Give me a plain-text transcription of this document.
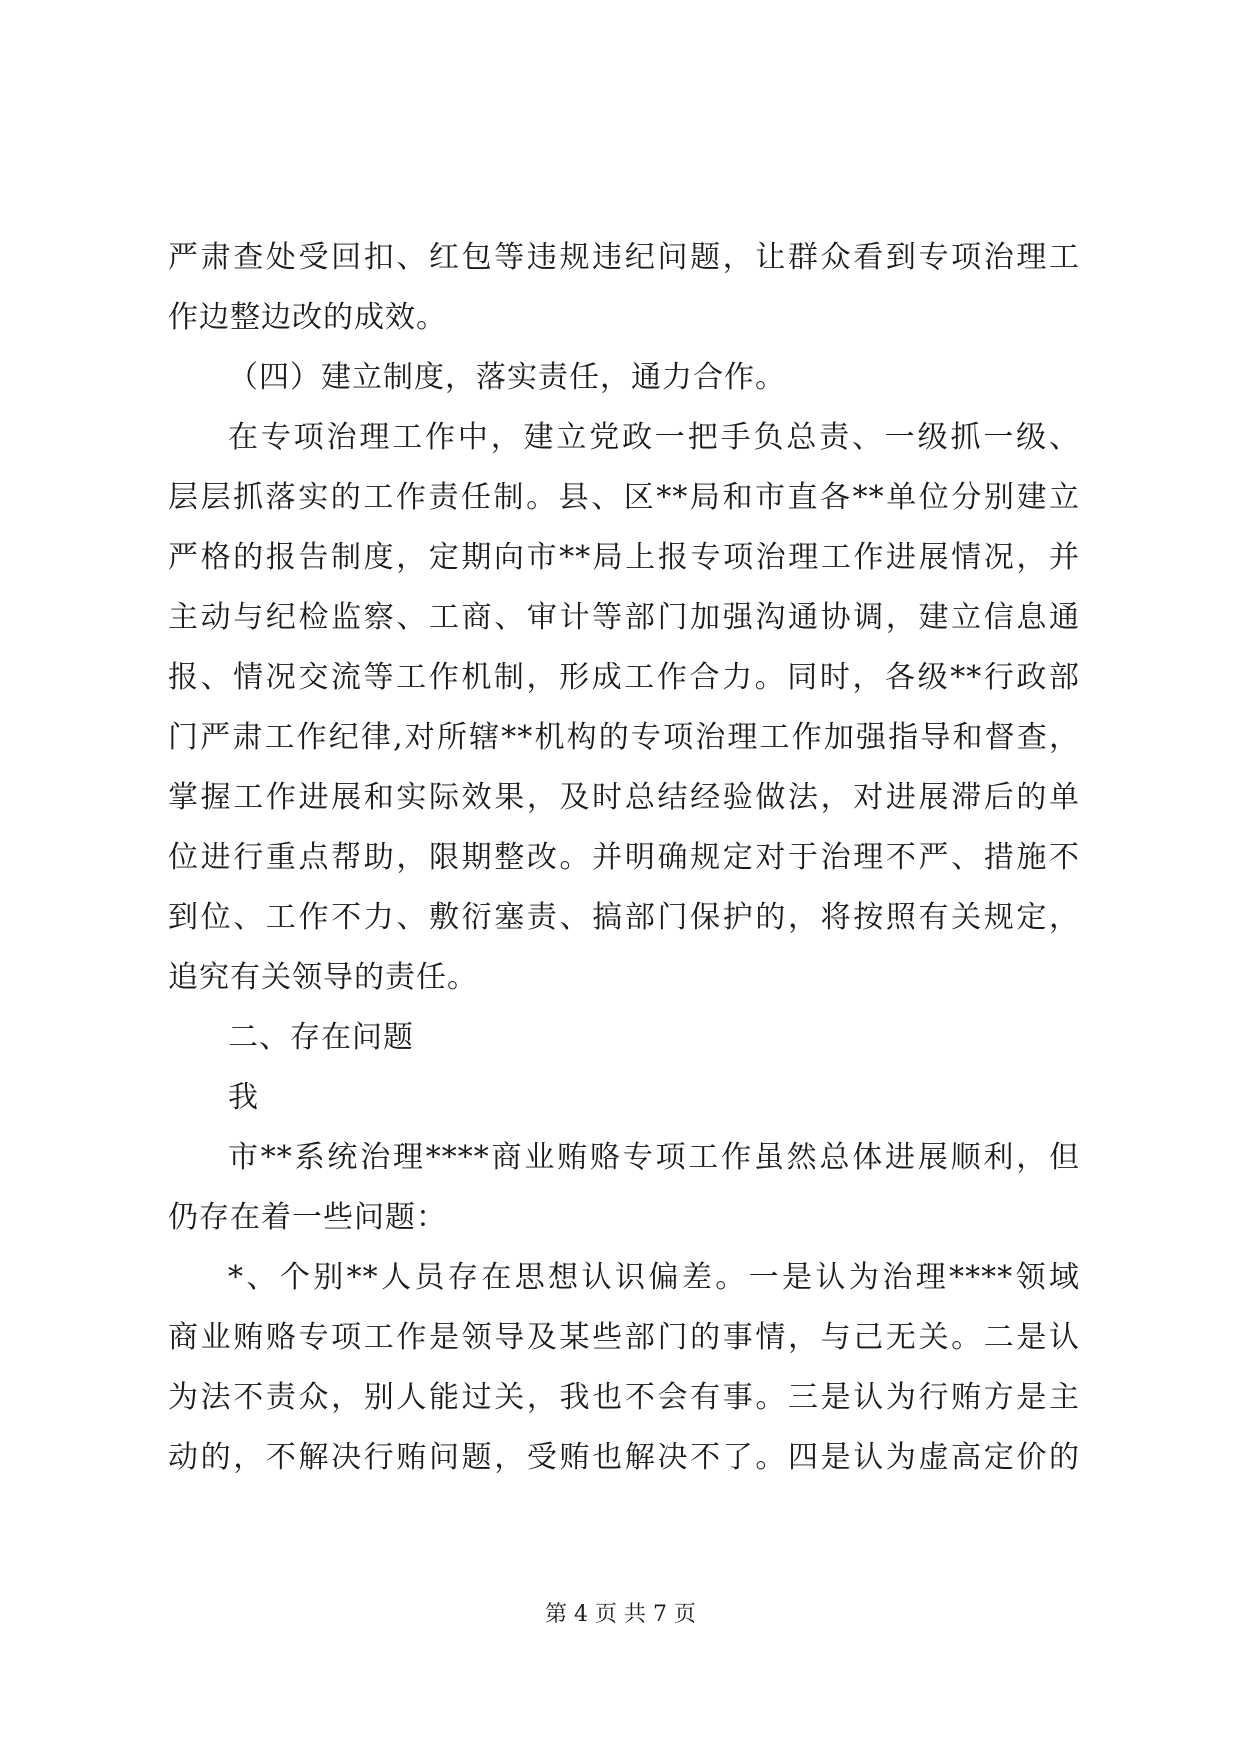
严肃查处受回扣、红包等违规违纪问题，让群众看到专项治理工
作边整边改的成效。
（四）建立制度，落实责任，通力合作。
在专项治理工作中，建立党政一把手负总责、一级抓一级、
层层抓落实的工作责任制。县、区**局和市直各**单位分别建立
严格的报告制度，定期向市**局上报专项治理工作进展情况，并
主动与纪检监察、工商、审计等部门加强沟通协调，建立信息通
报、情况交流等工作机制，形成工作合力。同时，各级**行政部
门严肃工作纪律,对所辖**机构的专项治理工作加强指导和督查，
掌握工作进展和实际效果，及时总结经验做法，对进展滞后的单
位进行重点帮助，限期整改。并明确规定对于治理不严、措施不
到位、工作不力、敷衍塞责、搞部门保护的，将按照有关规定，
追究有关领导的责任。
二、存在问题
我
市**系统治理****商业贿赂专项工作虽然总体进展顺利，但
仍存在着一些问题：
*、个别**人员存在思想认识偏差。一是认为治理****领域
商业贿赂专项工作是领导及某些部门的事情，与己无关。二是认
为法不责众，别人能过关，我也不会有事。三是认为行贿方是主
动的，不解决行贿问题，受贿也解决不了。四是认为虚高定价的
第 4 页 共 7 页
